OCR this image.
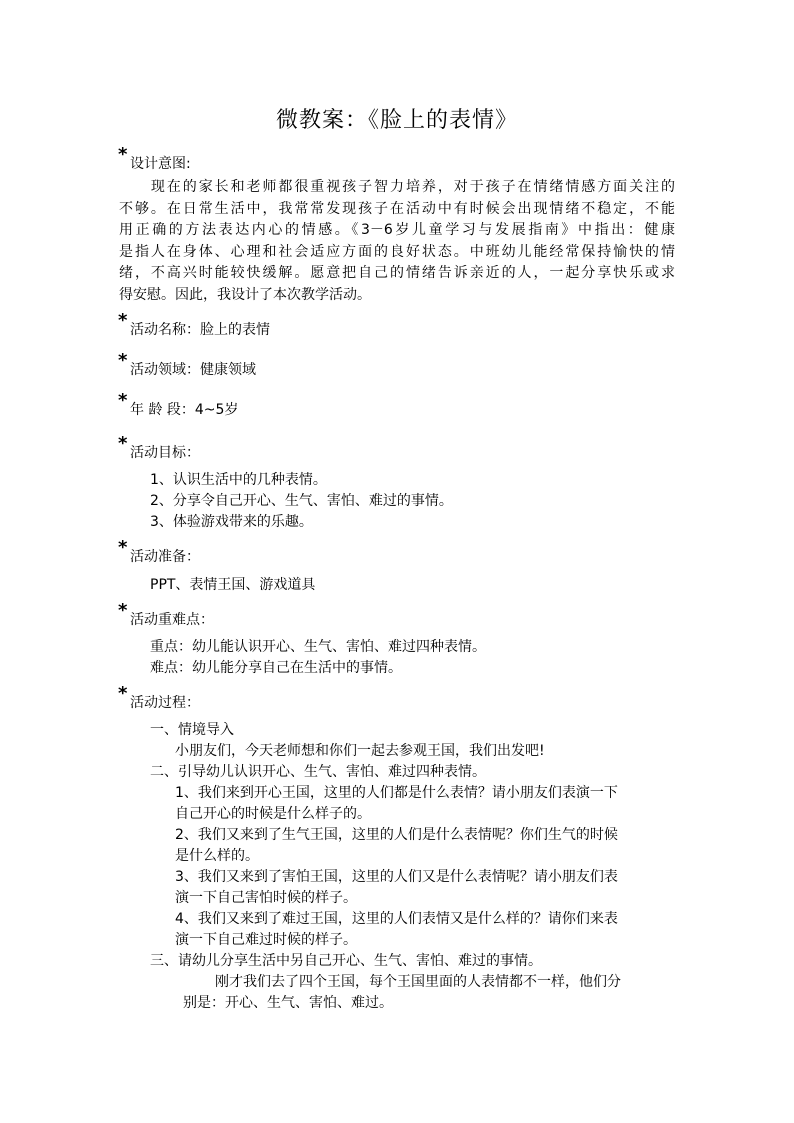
微教案：《脸上的表情》
* 设计意图:
　　现在的家长和老师都很重视孩子智力培养，对于孩子在情绪情感方面关注的
不够。在日常生活中，我常常发现孩子在活动中有时候会出现情绪不稳定，不能
用正确的方法表达内心的情感。《3－6岁儿童学习与发展指南》中指出：健康
是指人在身体、心理和社会适应方面的良好状态。中班幼儿能经常保持愉快的情
绪，不高兴时能较快缓解。愿意把自己的情绪告诉亲近的人，一起分享快乐或求
得安慰。因此，我设计了本次教学活动。
* 活动名称：脸上的表情
* 活动领域：健康领域
* 年 龄 段：4~5岁
* 活动目标：
1、认识生活中的几种表情。
2、分享令自己开心、生气、害怕、难过的事情。
3、体验游戏带来的乐趣。
* 活动准备：
PPT、表情王国、游戏道具
* 活动重难点：
重点：幼儿能认识开心、生气、害怕、难过四种表情。
难点：幼儿能分享自己在生活中的事情。
* 活动过程：
一、情境导入
小朋友们，今天老师想和你们一起去参观王国，我们出发吧!
二、引导幼儿认识开心、生气、害怕、难过四种表情。
1、我们来到开心王国，这里的人们都是什么表情？请小朋友们表演一下
自己开心的时候是什么样子的。
2、我们又来到了生气王国，这里的人们是什么表情呢？你们生气的时候
是什么样的。
3、我们又来到了害怕王国，这里的人们又是什么表情呢？请小朋友们表
演一下自己害怕时候的样子。
4、我们又来到了难过王国，这里的人们表情又是什么样的？请你们来表
演一下自己难过时候的样子。
三、请幼儿分享生活中另自己开心、生气、害怕、难过的事情。
刚才我们去了四个王国，每个王国里面的人表情都不一样，他们分
别是：开心、生气、害怕、难过。
